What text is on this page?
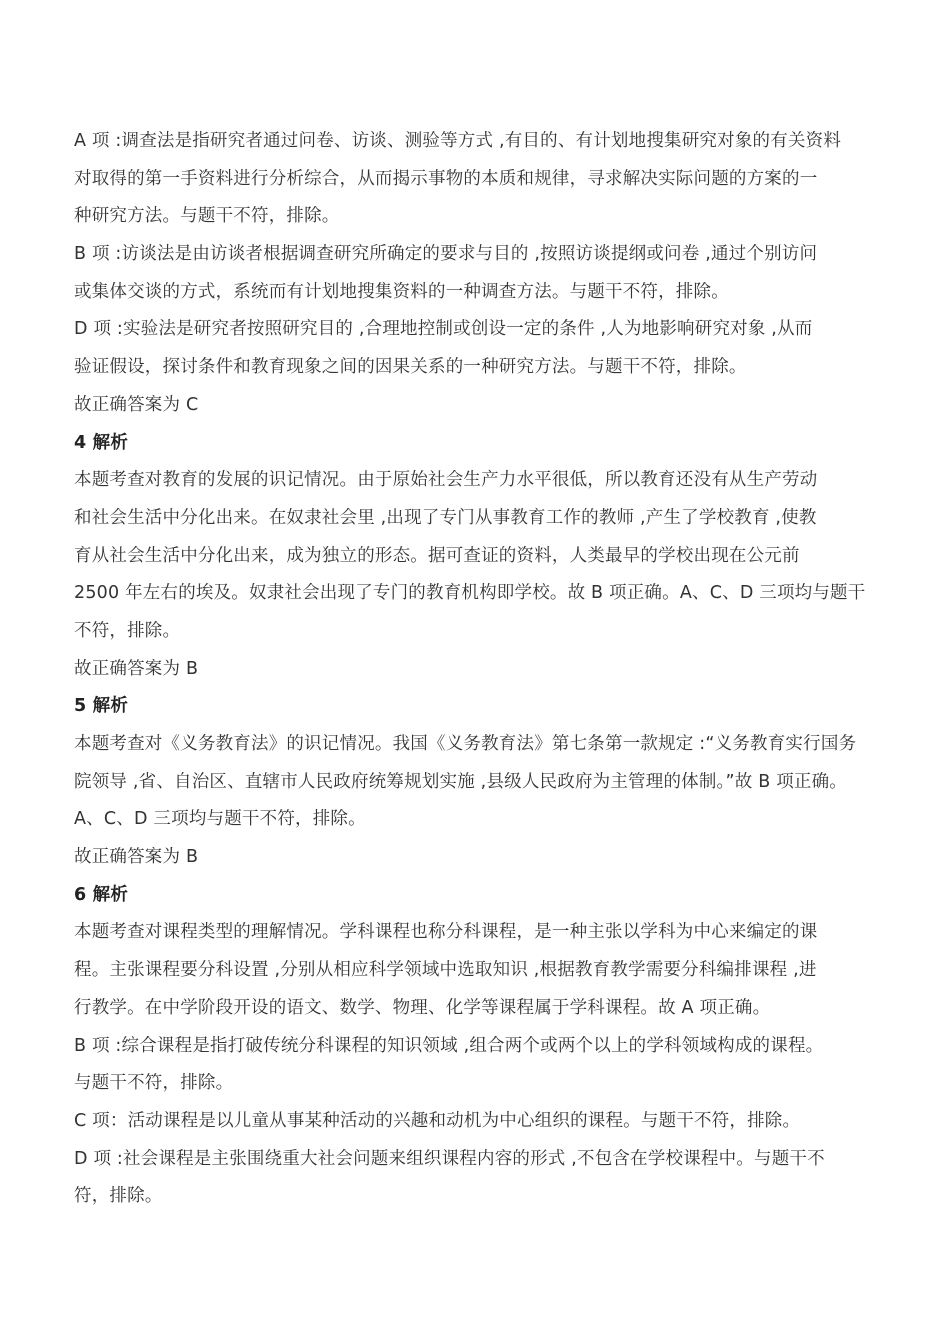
A 项 :调查法是指研究者通过问卷、访谈、测验等方式 ,有目的、有计划地搜集研究对象的有关资料
对取得的第一手资料进行分析综合，从而揭示事物的本质和规律，寻求解决实际问题的方案的一
种研究方法。与题干不符，排除。
B 项 :访谈法是由访谈者根据调查研究所确定的要求与目的 ,按照访谈提纲或问卷 ,通过个别访问
或集体交谈的方式，系统而有计划地搜集资料的一种调查方法。与题干不符，排除。
D 项 :实验法是研究者按照研究目的 ,合理地控制或创设一定的条件 ,人为地影响研究对象 ,从而
验证假设，探讨条件和教育现象之间的因果关系的一种研究方法。与题干不符，排除。
故正确答案为 C
4 解析
本题考查对教育的发展的识记情况。由于原始社会生产力水平很低，所以教育还没有从生产劳动
和社会生活中分化出来。在奴隶社会里 ,出现了专门从事教育工作的教师 ,产生了学校教育 ,使教
育从社会生活中分化出来，成为独立的形态。据可查证的资料，人类最早的学校出现在公元前
2500 年左右的埃及。奴隶社会出现了专门的教育机构即学校。故 B 项正确。A、C、D 三项均与题干
不符，排除。
故正确答案为 B
5 解析
本题考查对《义务教育法》的识记情况。我国《义务教育法》第七条第一款规定 :“义务教育实行国务
院领导 ,省、自治区、直辖市人民政府统筹规划实施 ,县级人民政府为主管理的体制。”故 B 项正确。
A、C、D 三项均与题干不符，排除。
故正确答案为 B
6 解析
本题考查对课程类型的理解情况。学科课程也称分科课程，是一种主张以学科为中心来编定的课
程。主张课程要分科设置 ,分别从相应科学领域中选取知识 ,根据教育教学需要分科编排课程 ,进
行教学。在中学阶段开设的语文、数学、物理、化学等课程属于学科课程。故 A 项正确。
B 项 :综合课程是指打破传统分科课程的知识领域 ,组合两个或两个以上的学科领域构成的课程。
与题干不符，排除。
C 项：活动课程是以儿童从事某种活动的兴趣和动机为中心组织的课程。与题干不符，排除。
D 项 :社会课程是主张围绕重大社会问题来组织课程内容的形式 ,不包含在学校课程中。与题干不
符，排除。
